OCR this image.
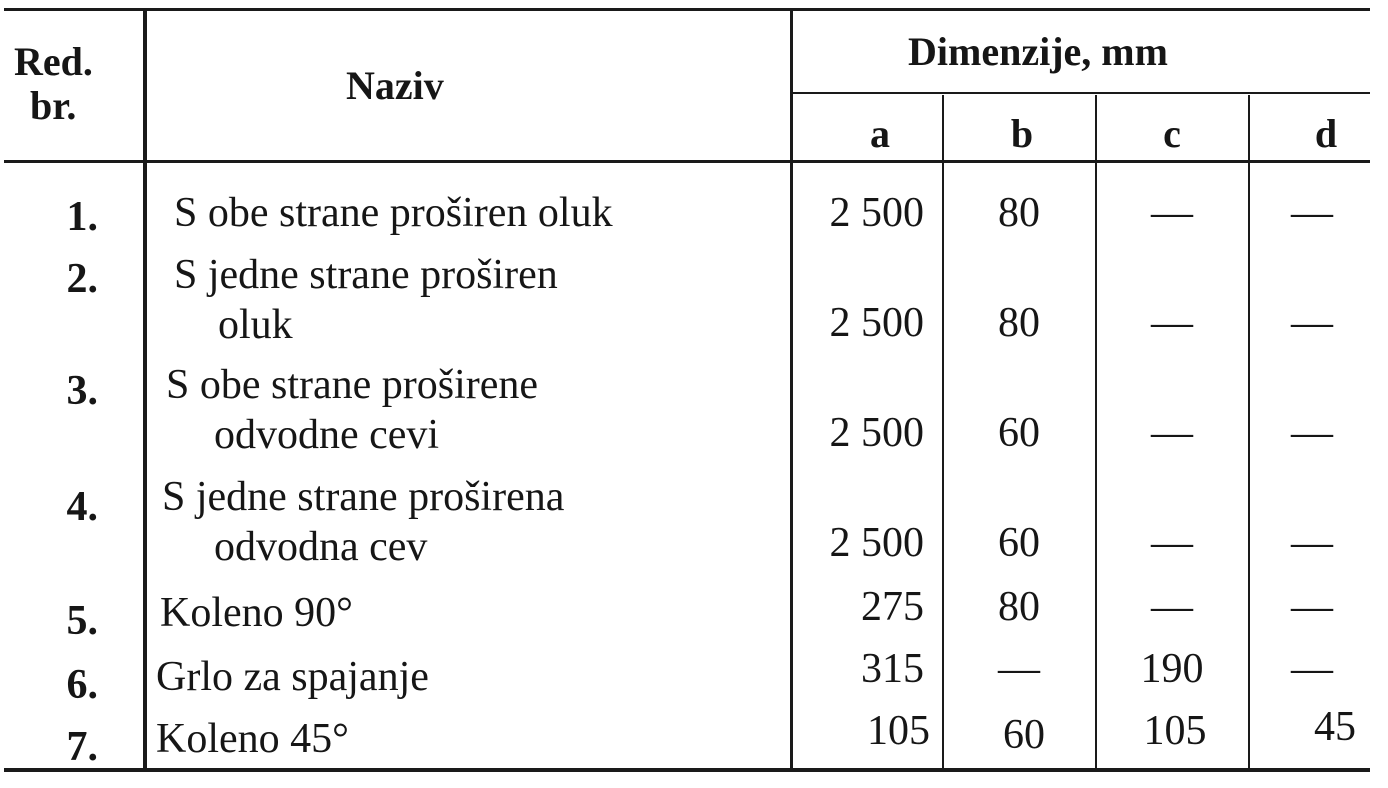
Red.
br.	Naziv
Dimenzije, mm
a	b	c	d
1. S obe strane proširen oluk	2 500	80	—	—
2. S jedne strane proširen
oluk	2 500	80	—	—
3. S obe strane proširene
odvodne cevi	2 500	60	—	—
4. S jedne strane proširena
odvodna cev	2 500	60	—	—
5. Koleno 90°	275	80	—	—
6. Grlo za spajanje	315	—	190	—
7. Koleno 45°	105	60	105	45
